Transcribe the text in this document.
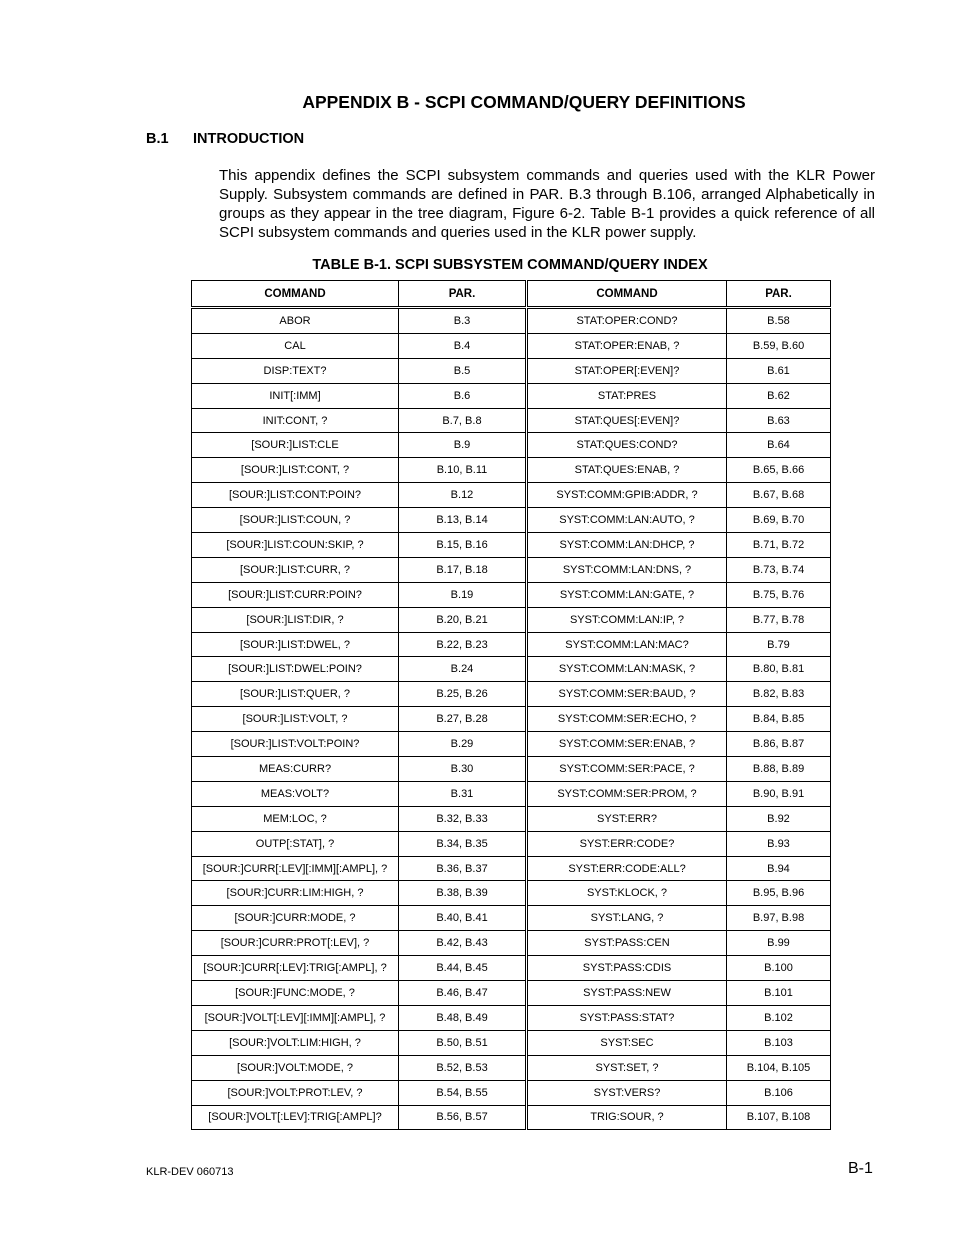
APPENDIX B - SCPI COMMAND/QUERY DEFINITIONS
B.1 INTRODUCTION

This appendix defines the SCPI subsystem commands and queries used with the KLR Power Supply. Subsystem commands are defined in PAR. B.3 through B.106, arranged Alphabetically in groups as they appear in the tree diagram, Figure 6-2. Table B-1 provides a quick reference of all SCPI subsystem commands and queries used in the KLR power supply.

TABLE B-1. SCPI SUBSYSTEM COMMAND/QUERY INDEX
COMMAND	PAR.	COMMAND	PAR.

ABOR	B.3	STAT:OPER:COND?	B.58
CAL	B.4	STAT:OPER:ENAB, ?	B.59, B.60
DISP:TEXT?	B.5	STAT:OPER[:EVEN]?	B.61
INIT[:IMM]	B.6	STAT:PRES	B.62
INIT:CONT, ?	B.7, B.8	STAT:QUES[:EVEN]?	B.63
[SOUR:]LIST:CLE	B.9	STAT:QUES:COND?	B.64
[SOUR:]LIST:CONT, ?	B.10, B.11	STAT:QUES:ENAB, ?	B.65, B.66
[SOUR:]LIST:CONT:POIN?	B.12	SYST:COMM:GPIB:ADDR, ?	B.67, B.68
[SOUR:]LIST:COUN, ?	B.13, B.14	SYST:COMM:LAN:AUTO, ?	B.69, B.70
[SOUR:]LIST:COUN:SKIP, ?	B.15, B.16	SYST:COMM:LAN:DHCP, ?	B.71, B.72
[SOUR:]LIST:CURR, ?	B.17, B.18	SYST:COMM:LAN:DNS, ?	B.73, B.74
[SOUR:]LIST:CURR:POIN?	B.19	SYST:COMM:LAN:GATE, ?	B.75, B.76
[SOUR:]LIST:DIR, ?	B.20, B.21	SYST:COMM:LAN:IP, ?	B.77, B.78
[SOUR:]LIST:DWEL, ?	B.22, B.23	SYST:COMM:LAN:MAC?	B.79
[SOUR:]LIST:DWEL:POIN?	B.24	SYST:COMM:LAN:MASK, ?	B.80, B.81
[SOUR:]LIST:QUER, ?	B.25, B.26	SYST:COMM:SER:BAUD, ?	B.82, B.83
[SOUR:]LIST:VOLT, ?	B.27, B.28	SYST:COMM:SER:ECHO, ?	B.84, B.85
[SOUR:]LIST:VOLT:POIN?	B.29	SYST:COMM:SER:ENAB, ?	B.86, B.87
MEAS:CURR?	B.30	SYST:COMM:SER:PACE, ?	B.88, B.89
MEAS:VOLT?	B.31	SYST:COMM:SER:PROM, ?	B.90, B.91
MEM:LOC, ?	B.32, B.33	SYST:ERR?	B.92
OUTP[:STAT], ?	B.34, B.35	SYST:ERR:CODE?	B.93
[SOUR:]CURR[:LEV][:IMM][:AMPL], ?	B.36, B.37	SYST:ERR:CODE:ALL?	B.94
[SOUR:]CURR:LIM:HIGH, ?	B.38, B.39	SYST:KLOCK, ?	B.95, B.96
[SOUR:]CURR:MODE, ?	B.40, B.41	SYST:LANG, ?	B.97, B.98
[SOUR:]CURR:PROT[:LEV], ?	B.42, B.43	SYST:PASS:CEN	B.99
[SOUR:]CURR[:LEV]:TRIG[:AMPL], ?	B.44, B.45	SYST:PASS:CDIS	B.100
[SOUR:]FUNC:MODE, ?	B.46, B.47	SYST:PASS:NEW	B.101
[SOUR:]VOLT[:LEV][:IMM][:AMPL], ?	B.48, B.49	SYST:PASS:STAT?	B.102
[SOUR:]VOLT:LIM:HIGH, ?	B.50, B.51	SYST:SEC	B.103
[SOUR:]VOLT:MODE, ?	B.52, B.53	SYST:SET, ?	B.104, B.105
[SOUR:]VOLT:PROT:LEV, ?	B.54, B.55	SYST:VERS?	B.106
[SOUR:]VOLT[:LEV]:TRIG[:AMPL]?	B.56, B.57	TRIG:SOUR, ?	B.107, B.108
KLR-DEV 060713	B-1
